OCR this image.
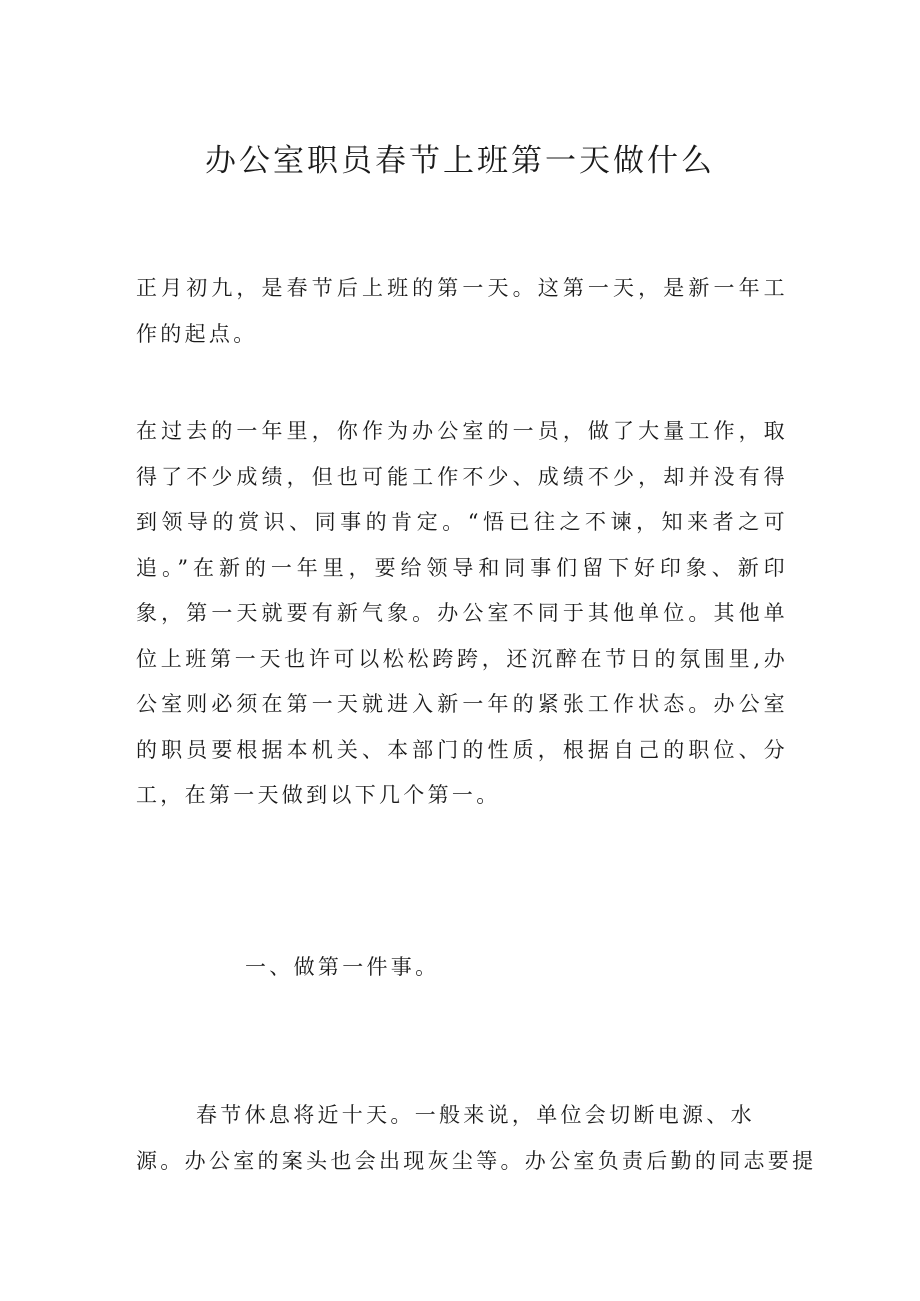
办公室职员春节上班第一天做什么

正月初九，是春节后上班的第一天。这第一天，是新一年工作的起点。

在过去的一年里，你作为办公室的一员，做了大量工作，取得了不少成绩，但也可能工作不少、成绩不少，却并没有得到领导的赏识、同事的肯定。“悟已往之不谏，知来者之可追。”在新的一年里，要给领导和同事们留下好印象、新印象，第一天就要有新气象。办公室不同于其他单位。其他单位上班第一天也许可以松松跨跨，还沉醉在节日的氛围里,办公室则必须在第一天就进入新一年的紧张工作状态。办公室的职员要根据本机关、本部门的性质，根据自己的职位、分工，在第一天做到以下几个第一。

一、做第一件事。

春节休息将近十天。一般来说，单位会切断电源、水
源。办公室的案头也会出现灰尘等。办公室负责后勤的同志要提
